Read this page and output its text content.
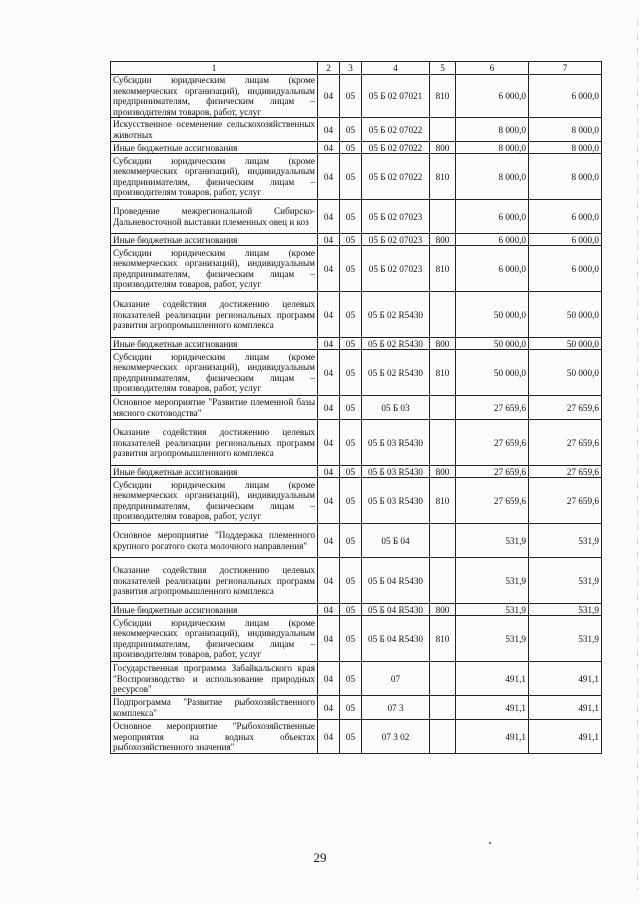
1	2	3	4	5	6	7
Субсидии юридическим лицам (кроме некоммерческих организаций), индивидуальным предпринимателям, физическим лицам – производителям товаров, работ, услуг	04	05	05 Б 02 07021	810	6 000,0	6 000,0
Искусственное осеменение сельскохозяйственных животных	04	05	05 Б 02 07022		8 000,0	8 000,0
Иные бюджетные ассигнования	04	05	05 Б 02 07022	800	8 000,0	8 000,0
Субсидии юридическим лицам (кроме некоммерческих организаций), индивидуальным предпринимателям, физическим лицам – производителям товаров, работ, услуг	04	05	05 Б 02 07022	810	8 000,0	8 000,0
Проведение межрегиональной Сибирско-Дальневосточной выставки племенных овец и коз	04	05	05 Б 02 07023		6 000,0	6 000,0
Иные бюджетные ассигнования	04	05	05 Б 02 07023	800	6 000,0	6 000,0
Субсидии юридическим лицам (кроме некоммерческих организаций), индивидуальным предпринимателям, физическим лицам – производителям товаров, работ, услуг	04	05	05 Б 02 07023	810	6 000,0	6 000,0
Оказание содействия достижению целевых показателей реализации региональных программ развития агропромышленного комплекса	04	05	05 Б 02 R5430		50 000,0	50 000,0
Иные бюджетные ассигнования	04	05	05 Б 02 R5430	800	50 000,0	50 000,0
Субсидии юридическим лицам (кроме некоммерческих организаций), индивидуальным предпринимателям, физическим лицам – производителям товаров, работ, услуг	04	05	05 Б 02 R5430	810	50 000,0	50 000,0
Основное мероприятие "Развитие племенной базы мясного скотоводства"	04	05	05 Б 03		27 659,6	27 659,6
Оказание содействия достижению целевых показателей реализации региональных программ развития агропромышленного комплекса	04	05	05 Б 03 R5430		27 659,6	27 659,6
Иные бюджетные ассигнования	04	05	05 Б 03 R5430	800	27 659,6	27 659,6
Субсидии юридическим лицам (кроме некоммерческих организаций), индивидуальным предпринимателям, физическим лицам – производителям товаров, работ, услуг	04	05	05 Б 03 R5430	810	27 659,6	27 659,6
Основное мероприятие "Поддержка племенного крупного рогатого скота молочного направления"	04	05	05 Б 04		531,9	531,9
Оказание содействия достижению целевых показателей реализации региональных программ развития агропромышленного комплекса	04	05	05 Б 04 R5430		531,9	531,9
Иные бюджетные ассигнования	04	05	05 Б 04 R5430	800	531,9	531,9
Субсидии юридическим лицам (кроме некоммерческих организаций), индивидуальным предпринимателям, физическим лицам – производителям товаров, работ, услуг	04	05	05 Б 04 R5430	810	531,9	531,9
Государственная программа Забайкальского края "Воспроизводство и использование природных ресурсов"	04	05	07		491,1	491,1
Подпрограмма "Развитие рыбохозяйственного комплекса"	04	05	07 3		491,1	491,1
Основное мероприятие "Рыбохозяйственные мероприятия на водных объектах рыбохозяйственного значения"	04	05	07 3 02		491,1	491,1
29
